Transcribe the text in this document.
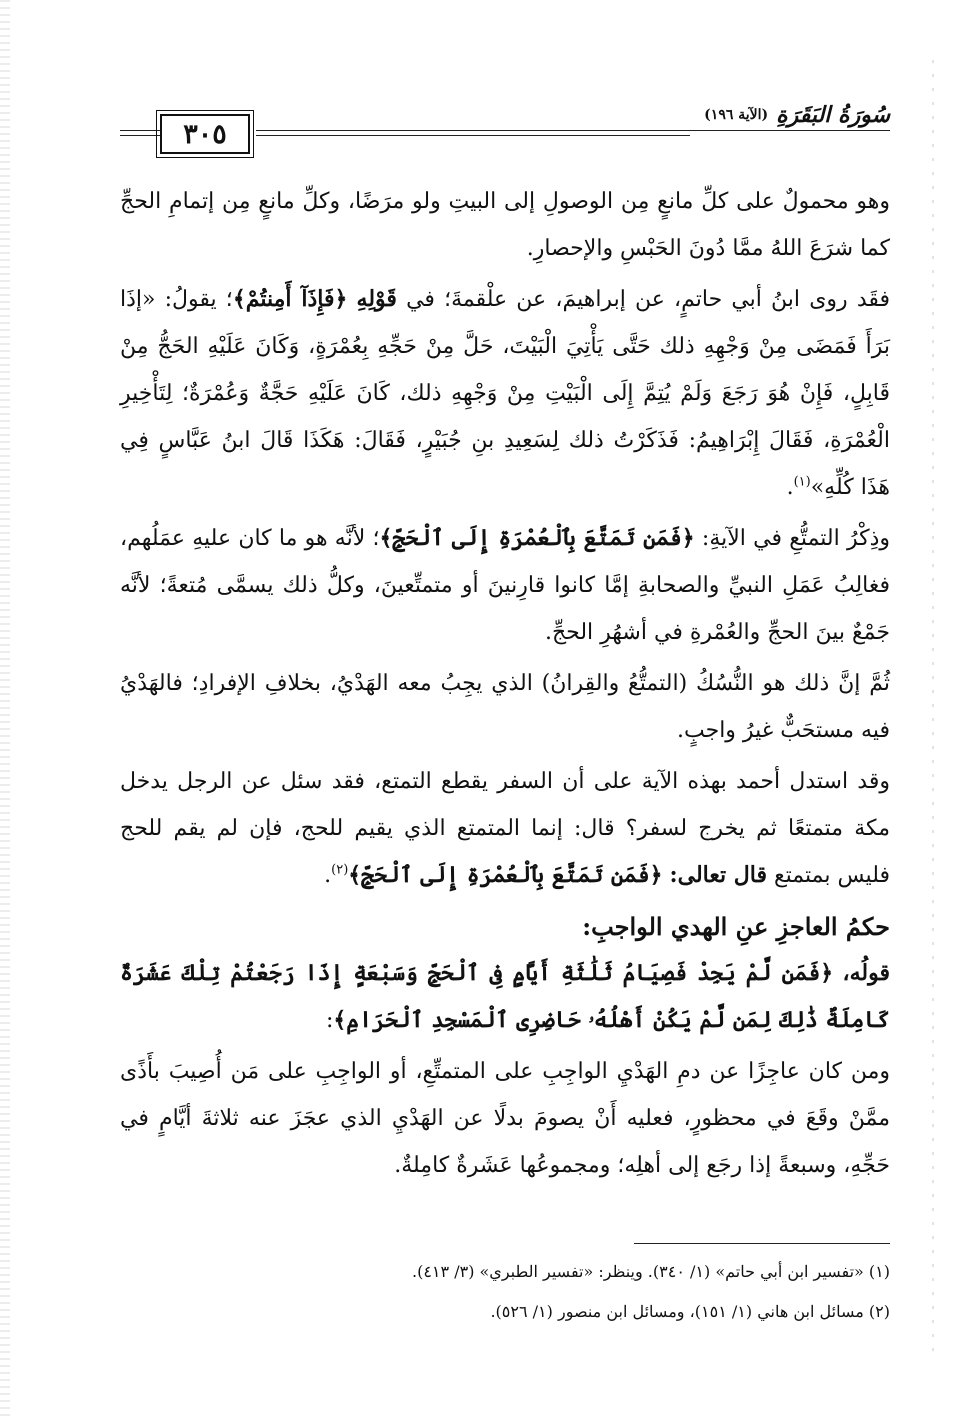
٣٠٥
سُورَةُ البَقَرَةِ
(الآية ١٩٦)

وهو محمولٌ على كلِّ مانعٍ مِن الوصولِ إلى البيتِ ولو مرَضًا، وكلِّ مانعٍ مِن إتمامِ الحجِّ كما شرَعَ اللهُ ممَّا دُونَ الحَبْسِ والإحصارِ.

فقَد روى ابنُ أبي حاتمٍ، عن إبراهيمَ، عن علْقمةَ؛ في قَوْلِهِ ﴿فَإِذَآ أَمِنتُمْ﴾؛ يقولُ: «إذَا بَرَأَ فَمَضَى مِنْ وَجْهِهِ ذلك حَتَّى يَأْتِيَ الْبَيْتَ، حَلَّ مِنْ حَجِّهِ بِعُمْرَةٍ، وَكَانَ عَلَيْهِ الحَجُّ مِنْ قَابِلٍ، فَإِنْ هُوَ رَجَعَ وَلَمْ يُتِمَّ إِلَى الْبَيْتِ مِنْ وَجْهِهِ ذلك، كَانَ عَلَيْهِ حَجَّةٌ وَعُمْرَةٌ؛ لِتَأْخِيرِ الْعُمْرَةِ، فَقَالَ إِبْرَاهِيمُ: فَذَكَرْتُ ذلك لِسَعِيدِ بنِ جُبَيْرٍ، فَقَالَ: هَكَذَا قَالَ ابنُ عَبَّاسٍ فِي هَذَا كُلِّهِ»$^{(١)}$.

وذِكْرُ التمتُّعِ في الآيةِ: ﴿فَمَن تَمَتَّعَ بِٱلْعُمْرَةِ إِلَى ٱلْحَجِّ﴾؛ لأنَّه هو ما كان عليهِ عمَلُهم، فغالِبُ عَمَلِ النبيِّ والصحابةِ إمَّا كانوا قارِنينَ أو متمتِّعينَ، وكلُّ ذلك يسمَّى مُتعةً؛ لأنَّه جَمْعٌ بينَ الحجِّ والعُمْرةِ في أشهُرِ الحجِّ.

ثُمَّ إنَّ ذلك هو النُّسُكُ (التمتُّعُ والقِرانُ) الذي يجِبُ معه الهَدْيُ، بخلافِ الإفرادِ؛ فالهَدْيُ فيه مستحَبٌّ غيرُ واجبٍ.

وقد استدل أحمد بهذه الآية على أن السفر يقطع التمتع، فقد سئل عن الرجل يدخل مكة متمتعًا ثم يخرج لسفر؟ قال: إنما المتمتع الذي يقيم للحج، فإن لم يقم للحج فليس بمتمتع قال تعالى: ﴿فَمَن تَمَتَّعَ بِٱلْعُمْرَةِ إِلَى ٱلْحَجِّ﴾$^{(٢)}$.

حكمُ العاجزِ عنِ الهدي الواجبِ:

قولُه، ﴿فَمَن لَّمْ يَجِدْ فَصِيَامُ ثَلَٰثَةِ أَيَّامٍ فِى ٱلْحَجِّ وَسَبْعَةٍ إِذَا رَجَعْتُمْ تِلْكَ عَشَرَةٌ كَامِلَةٌ ذَٰلِكَ لِمَن لَّمْ يَكُنْ أَهْلُهُۥ حَاضِرِى ٱلْمَسْجِدِ ٱلْحَرَامِ﴾:

ومن كان عاجِزًا عن دمِ الهَدْيِ الواجِبِ على المتمتِّعِ، أو الواجِبِ على مَن أُصِيبَ بأَذًى ممَّنْ وقَعَ في محظورٍ، فعليه أَنْ يصومَ بدلًا عن الهَدْيِ الذي عجَزَ عنه ثلاثةَ أيَّامٍ في حَجِّهِ، وسبعةً إذا رجَع إلى أهلِه؛ ومجموعُها عَشَرةٌ كامِلةٌ.

(١) «تفسير ابن أبي حاتم» (١/ ٣٤٠). وينظر: «تفسير الطبري» (٣/ ٤١٣).

(٢) مسائل ابن هاني (١/ ١٥١)، ومسائل ابن منصور (١/ ٥٢٦).
